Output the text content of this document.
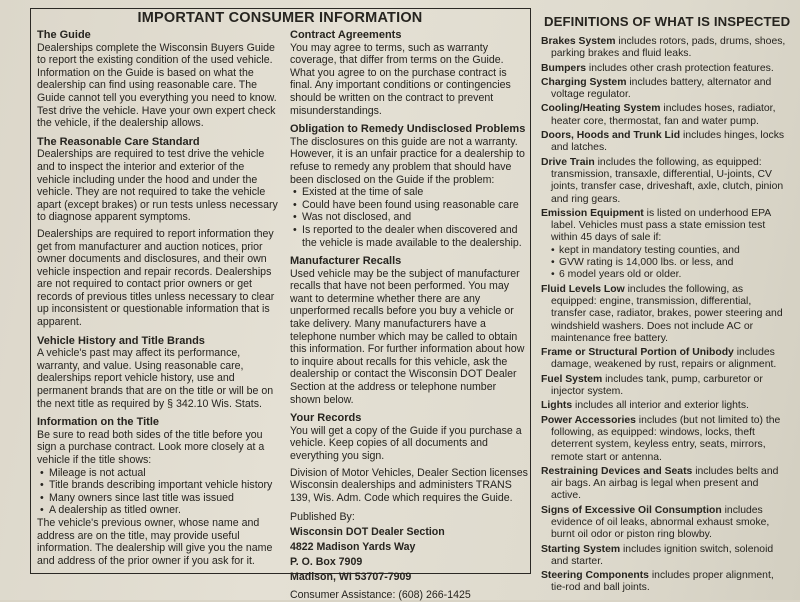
IMPORTANT CONSUMER INFORMATION

The Guide

Dealerships complete the Wisconsin Buyers Guide to report the existing condition of the used vehicle. Information on the Guide is based on what the dealership can find using reasonable care. The Guide cannot tell you everything you need to know. Test drive the vehicle. Have your own expert check the vehicle, if the dealership allows.

The Reasonable Care Standard

Dealerships are required to test drive the vehicle and to inspect the interior and exterior of the vehicle including under the hood and under the vehicle. They are not required to take the vehicle apart (except brakes) or run tests unless necessary to diagnose apparent symptoms.

Dealerships are required to report information they get from manufacturer and auction notices, prior owner documents and disclosures, and their own vehicle inspection and repair records. Dealerships are not required to contact prior owners or get records of previous titles unless necessary to clear up inconsistent or questionable information that is apparent.

Vehicle History and Title Brands

A vehicle's past may affect its performance, warranty, and value. Using reasonable care, dealerships report vehicle history, use and permanent brands that are on the title or will be on the next title as required by § 342.10 Wis. Stats.

Information on the Title

Be sure to read both sides of the title before you sign a purchase contract. Look more closely at a vehicle if the title shows:

• Mileage is not actual
• Title brands describing important vehicle history
• Many owners since last title was issued
• A dealership as titled owner.

The vehicle's previous owner, whose name and address are on the title, may provide useful information. The dealership will give you the name and address of the prior owner if you ask for it.

Contract Agreements

You may agree to terms, such as warranty coverage, that differ from terms on the Guide. What you agree to on the purchase contract is final. Any important conditions or contingencies should be written on the contract to prevent misunderstandings.

Obligation to Remedy Undisclosed Problems

The disclosures on this guide are not a warranty. However, it is an unfair practice for a dealership to refuse to remedy any problem that should have been disclosed on the Guide if the problem:

• Existed at the time of sale
• Could have been found using reasonable care
• Was not disclosed, and
• Is reported to the dealer when discovered and the vehicle is made available to the dealership.

Manufacturer Recalls

Used vehicle may be the subject of manufacturer recalls that have not been performed. You may want to determine whether there are any unperformed recalls before you buy a vehicle or take delivery. Many manufacturers have a telephone number which may be called to obtain this information. For further information about how to inquire about recalls for this vehicle, ask the dealership or contact the Wisconsin DOT Dealer Section at the address or telephone number shown below.

Your Records

You will get a copy of the Guide if you purchase a vehicle. Keep copies of all documents and everything you sign.

Division of Motor Vehicles, Dealer Section licenses Wisconsin dealerships and administers TRANS 139, Wis. Adm. Code which requires the Guide.

Published By:

Wisconsin DOT Dealer Section

4822 Madison Yards Way

P. O. Box 7909

Madison, WI 53707-7909

Consumer Assistance: (608) 266-1425

DEFINITIONS OF WHAT IS INSPECTED

Brakes System includes rotors, pads, drums, shoes, parking brakes and fluid leaks.

Bumpers includes other crash protection features.

Charging System includes battery, alternator and voltage regulator.

Cooling/Heating System includes hoses, radiator, heater core, thermostat, fan and water pump.

Doors, Hoods and Trunk Lid includes hinges, locks and latches.

Drive Train includes the following, as equipped: transmission, transaxle, differential, U-joints, CV joints, transfer case, driveshaft, axle, clutch, pinion and ring gears.

Emission Equipment is listed on underhood EPA label. Vehicles must pass a state emission test within 45 days of sale if:

• kept in mandatory testing counties, and
• GVW rating is 14,000 lbs. or less, and
• 6 model years old or older.

Fluid Levels Low includes the following, as equipped: engine, transmission, differential, transfer case, radiator, brakes, power steering and windshield washers. Does not include AC or maintenance free battery.

Frame or Structural Portion of Unibody includes damage, weakened by rust, repairs or alignment.

Fuel System includes tank, pump, carburetor or injector system.

Lights includes all interior and exterior lights.

Power Accessories includes (but not limited to) the following, as equipped: windows, locks, theft deterrent system, keyless entry, seats, mirrors, remote start or antenna.

Restraining Devices and Seats includes belts and air bags. An airbag is legal when present and active.

Signs of Excessive Oil Consumption includes evidence of oil leaks, abnormal exhaust smoke, burnt oil odor or piston ring blowby.

Starting System includes ignition switch, solenoid and starter.

Steering Components includes proper alignment, tie-rod and ball joints.
